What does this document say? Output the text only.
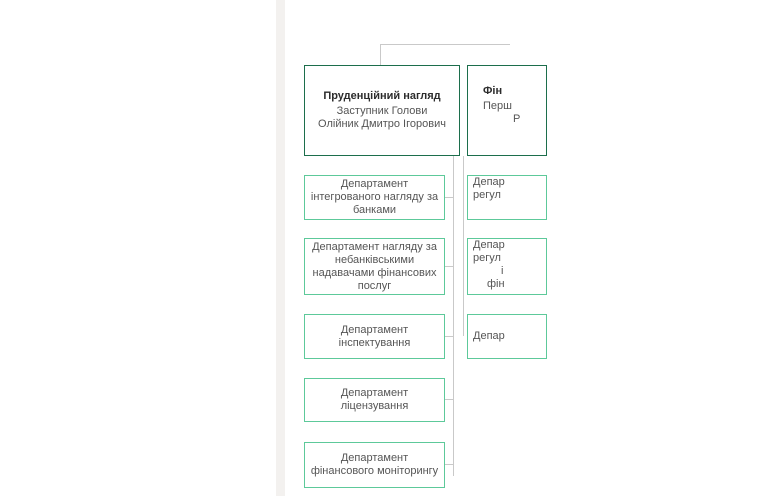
Пруденційний нагляд
Заступник Голови
Олійник Дмитро Ігорович
Департамент інтегрованого нагляду за банками
Департамент нагляду за небанківськими надавачами фінансових послуг
Департамент інспектування
Департамент ліцензування
Департамент фінансового моніторингу
Фін
Перш
Р
Депар
регул
Депар
регул
і
фін
Депар
